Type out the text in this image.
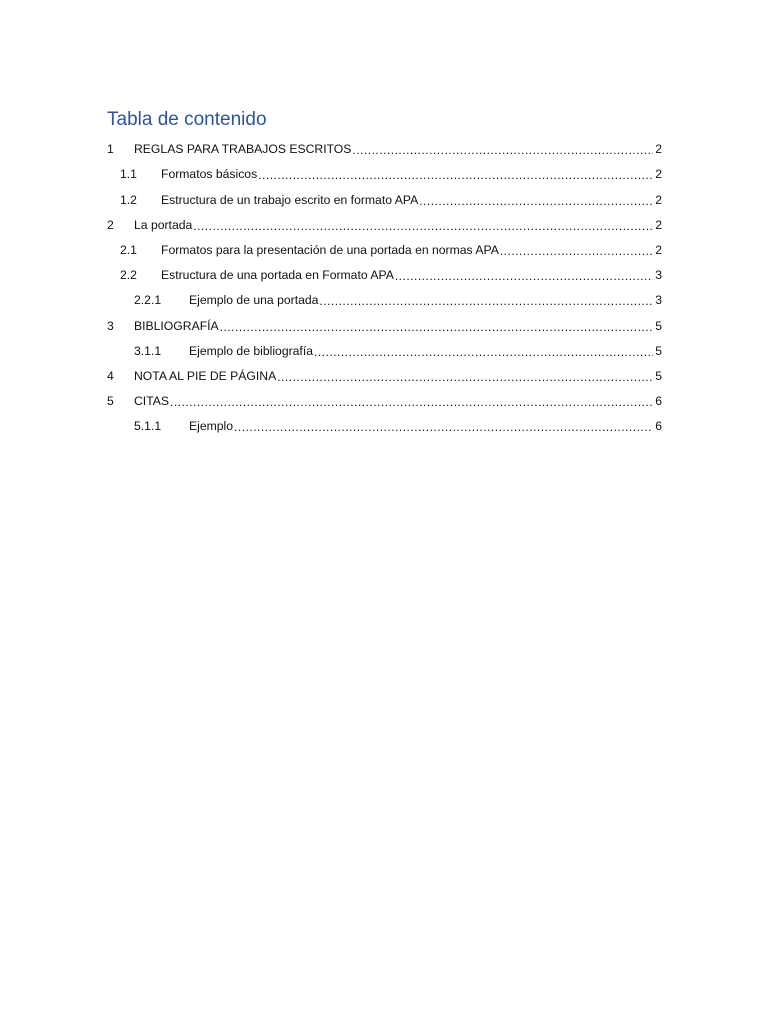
Tabla de contenido
1	REGLAS PARA TRABAJOS ESCRITOS .....	2
1.1	Formatos básicos .....	2
1.2	Estructura de un trabajo escrito en formato APA .....	2
2	La portada .....	2
2.1	Formatos para la presentación de una portada en normas APA .....	2
2.2	Estructura de una portada en Formato APA .....	3
2.2.1	Ejemplo de una portada .....	3
3	BIBLIOGRAFÍA .....	5
3.1.1	Ejemplo de bibliografía .....	5
4	NOTA AL PIE DE PÁGINA .....	5
5	CITAS .....	6
5.1.1	Ejemplo .....	6
